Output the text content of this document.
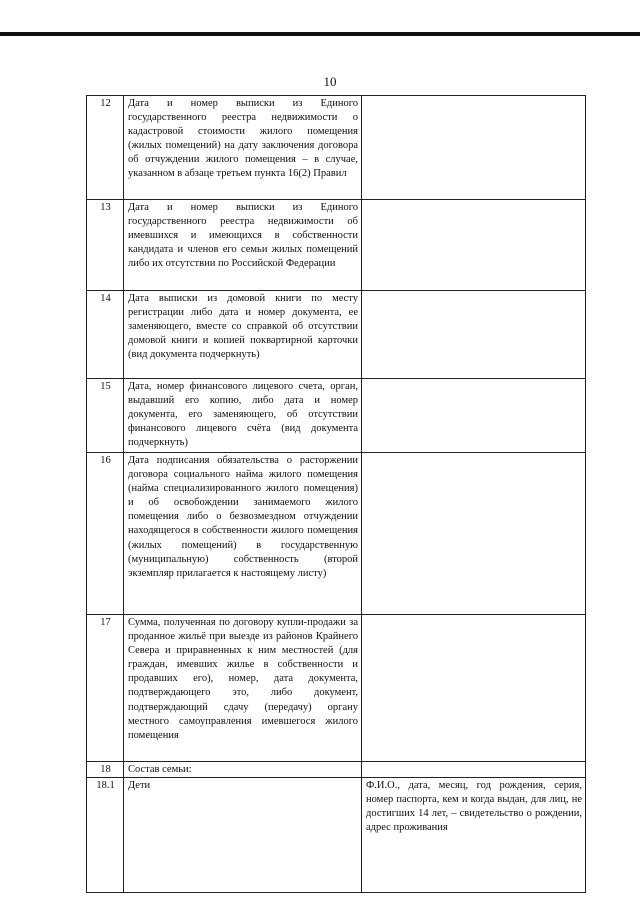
10
12	Дата и номер выписки из Единого государственного реестра недвижимости о кадастровой стоимости жилого помещения (жилых помещений) на дату заключения договора об отчуждении жилого помещения – в случае, указанном в абзаце третьем пункта 16(2) Правил	
13	Дата и номер выписки из Единого государственного реестра недвижимости об имевшихся и имеющихся в собственности кандидата и членов его семьи жилых помещений либо их отсутствии по Российской Федерации	
14	Дата выписки из домовой книги по месту регистрации либо дата и номер документа, ее заменяющего, вместе со справкой об отсутствии домовой книги и копией поквартирной карточки (вид документа подчеркнуть)	
15	Дата, номер финансового лицевого счета, орган, выдавший его копию, либо дата и номер документа, его заменяющего, об отсутствии финансового лицевого счёта (вид документа подчеркнуть)	
16	Дата подписания обязательства о расторжении договора социального найма жилого помещения (найма специализированного жилого помещения) и об освобождении занимаемого жилого помещения либо о безвозмездном отчуждении находящегося в собственности жилого помещения (жилых помещений) в государственную (муниципальную) собственность (второй экземпляр прилагается к настоящему листу)	
17	Сумма, полученная по договору купли-продажи за проданное жильё при выезде из районов Крайнего Севера и приравненных к ним местностей (для граждан, имевших жилье в собственности и продавших его), номер, дата документа, подтверждающего это, либо документ, подтверждающий сдачу (передачу) органу местного самоуправления имевшегося жилого помещения	
18	Состав семьи:	
18.1	Дети	Ф.И.О., дата, месяц, год рождения, серия, номер паспорта, кем и когда выдан, для лиц, не достигших 14 лет, – свидетельство о рождении, адрес проживания
